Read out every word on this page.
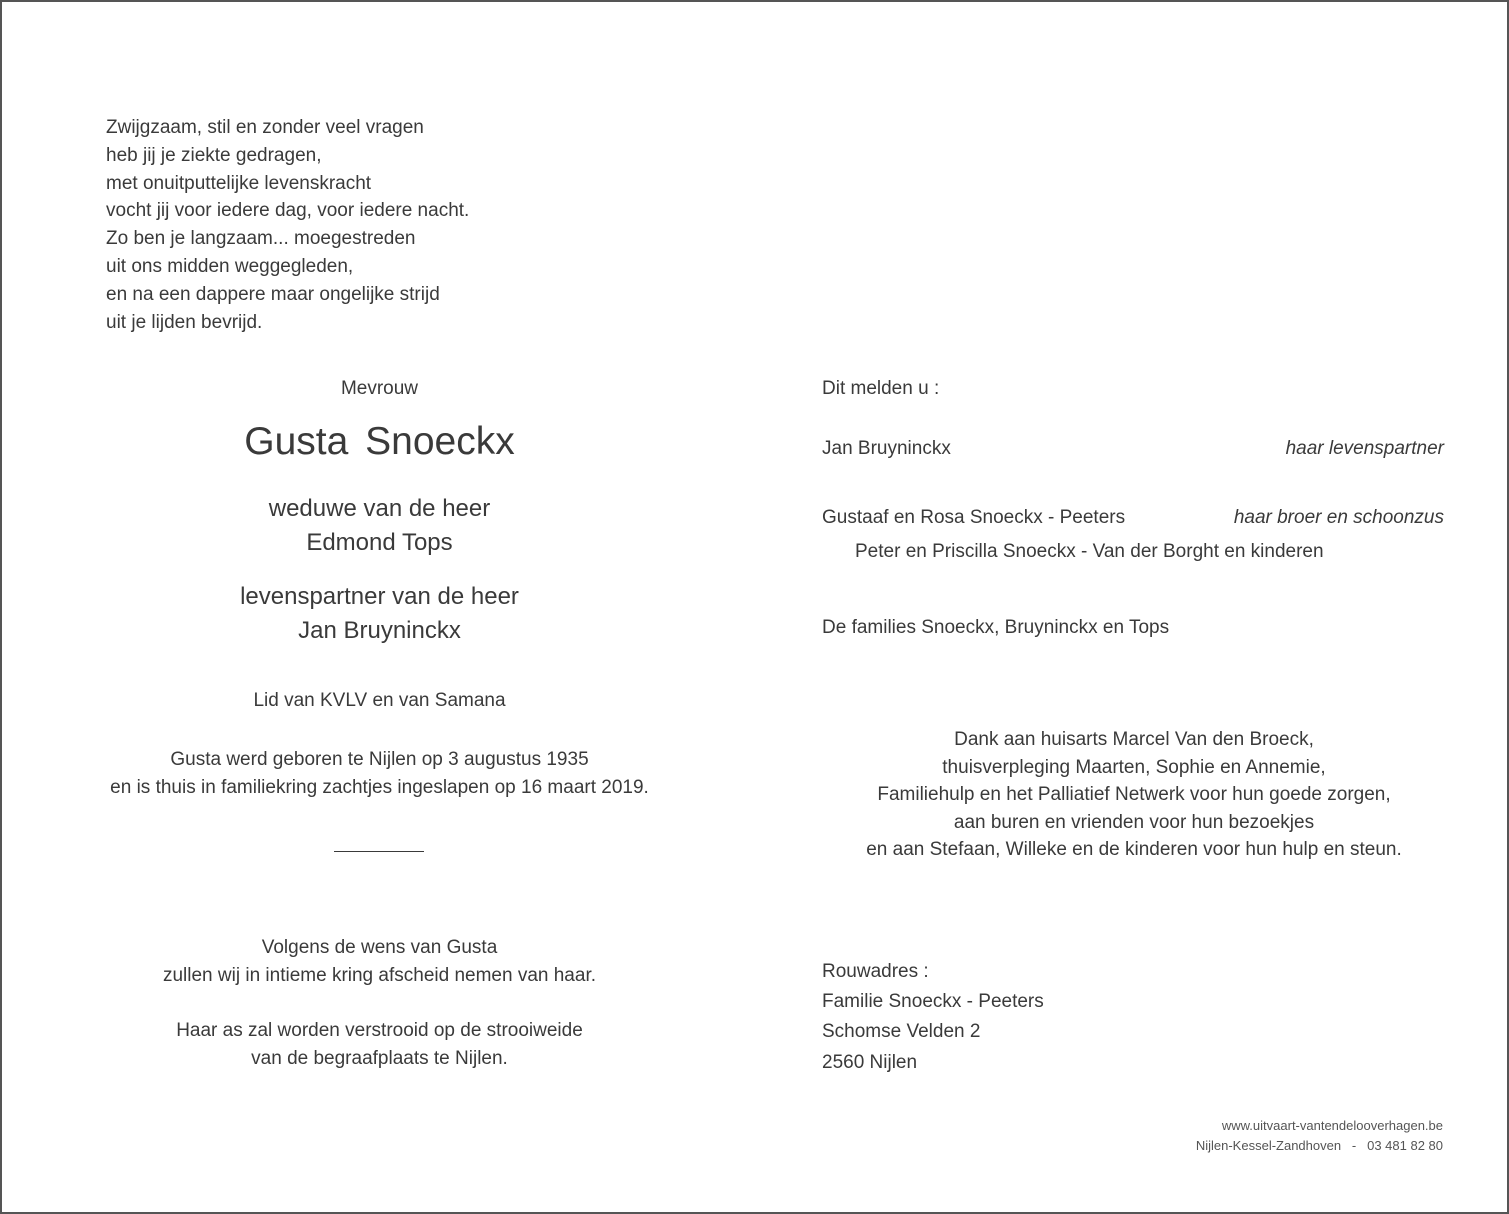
Zwijgzaam, stil en zonder veel vragen
heb jij je ziekte gedragen,
met onuitputtelijke levenskracht
vocht jij voor iedere dag, voor iedere nacht.
Zo ben je langzaam... moegestreden
uit ons midden weggegleden,
en na een dappere maar ongelijke strijd
uit je lijden bevrijd.
Mevrouw
Gusta Snoeckx
weduwe van de heer
Edmond Tops
levenspartner van de heer
Jan Bruyninckx
Lid van KVLV en van Samana
Gusta werd geboren te Nijlen op 3 augustus 1935
en is thuis in familiekring zachtjes ingeslapen op 16 maart 2019.
Volgens de wens van Gusta
zullen wij in intieme kring afscheid nemen van haar.
Haar as zal worden verstrooid op de strooiweide
van de begraafplaats te Nijlen.
Dit melden u :
Jan Bruyninckx	haar levenspartner
Gustaaf en Rosa Snoeckx - Peeters	haar broer en schoonzus
Peter en Priscilla Snoeckx - Van der Borght en kinderen
De families Snoeckx, Bruyninckx en Tops
Dank aan huisarts Marcel Van den Broeck,
thuisverpleging Maarten, Sophie en Annemie,
Familiehulp en het Palliatief Netwerk voor hun goede zorgen,
aan buren en vrienden voor hun bezoekjes
en aan Stefaan, Willeke en de kinderen voor hun hulp en steun.
Rouwadres :
Familie Snoeckx - Peeters
Schomse Velden 2
2560 Nijlen
www.uitvaart-vantendelooverhagen.be
Nijlen-Kessel-Zandhoven   -   03 481 82 80
